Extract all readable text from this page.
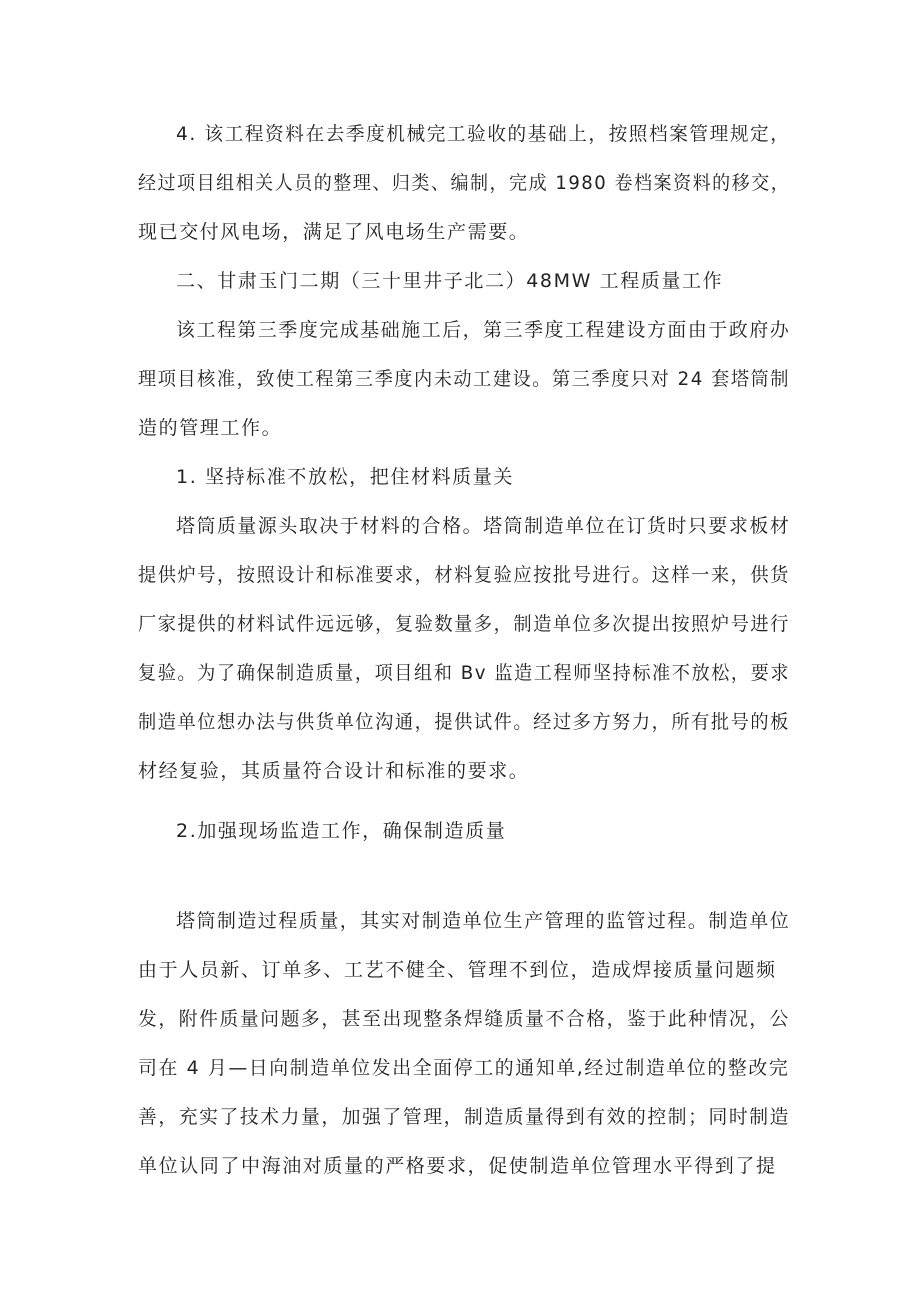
4. 该工程资料在去季度机械完工验收的基础上，按照档案管理规定，
经过项目组相关人员的整理、归类、编制，完成 1980 卷档案资料的移交，
现已交付风电场，满足了风电场生产需要。
二、甘肃玉门二期（三十里井子北二）48MW 工程质量工作
该工程第三季度完成基础施工后，第三季度工程建设方面由于政府办
理项目核准，致使工程第三季度内未动工建设。第三季度只对 24 套塔筒制
造的管理工作。
1. 坚持标准不放松，把住材料质量关
塔筒质量源头取决于材料的合格。塔筒制造单位在订货时只要求板材
提供炉号，按照设计和标准要求，材料复验应按批号进行。这样一来，供货
厂家提供的材料试件远远够，复验数量多，制造单位多次提出按照炉号进行
复验。为了确保制造质量，项目组和 Bv 监造工程师坚持标准不放松，要求
制造单位想办法与供货单位沟通，提供试件。经过多方努力，所有批号的板
材经复验，其质量符合设计和标准的要求。
2.加强现场监造工作，确保制造质量
塔筒制造过程质量，其实对制造单位生产管理的监管过程。制造单位
由于人员新、订单多、工艺不健全、管理不到位，造成焊接质量问题频
发，附件质量问题多，甚至出现整条焊缝质量不合格，鉴于此种情况，公
司在 4 月—日向制造单位发出全面停工的通知单,经过制造单位的整改完
善，充实了技术力量，加强了管理，制造质量得到有效的控制；同时制造
单位认同了中海油对质量的严格要求，促使制造单位管理水平得到了提
